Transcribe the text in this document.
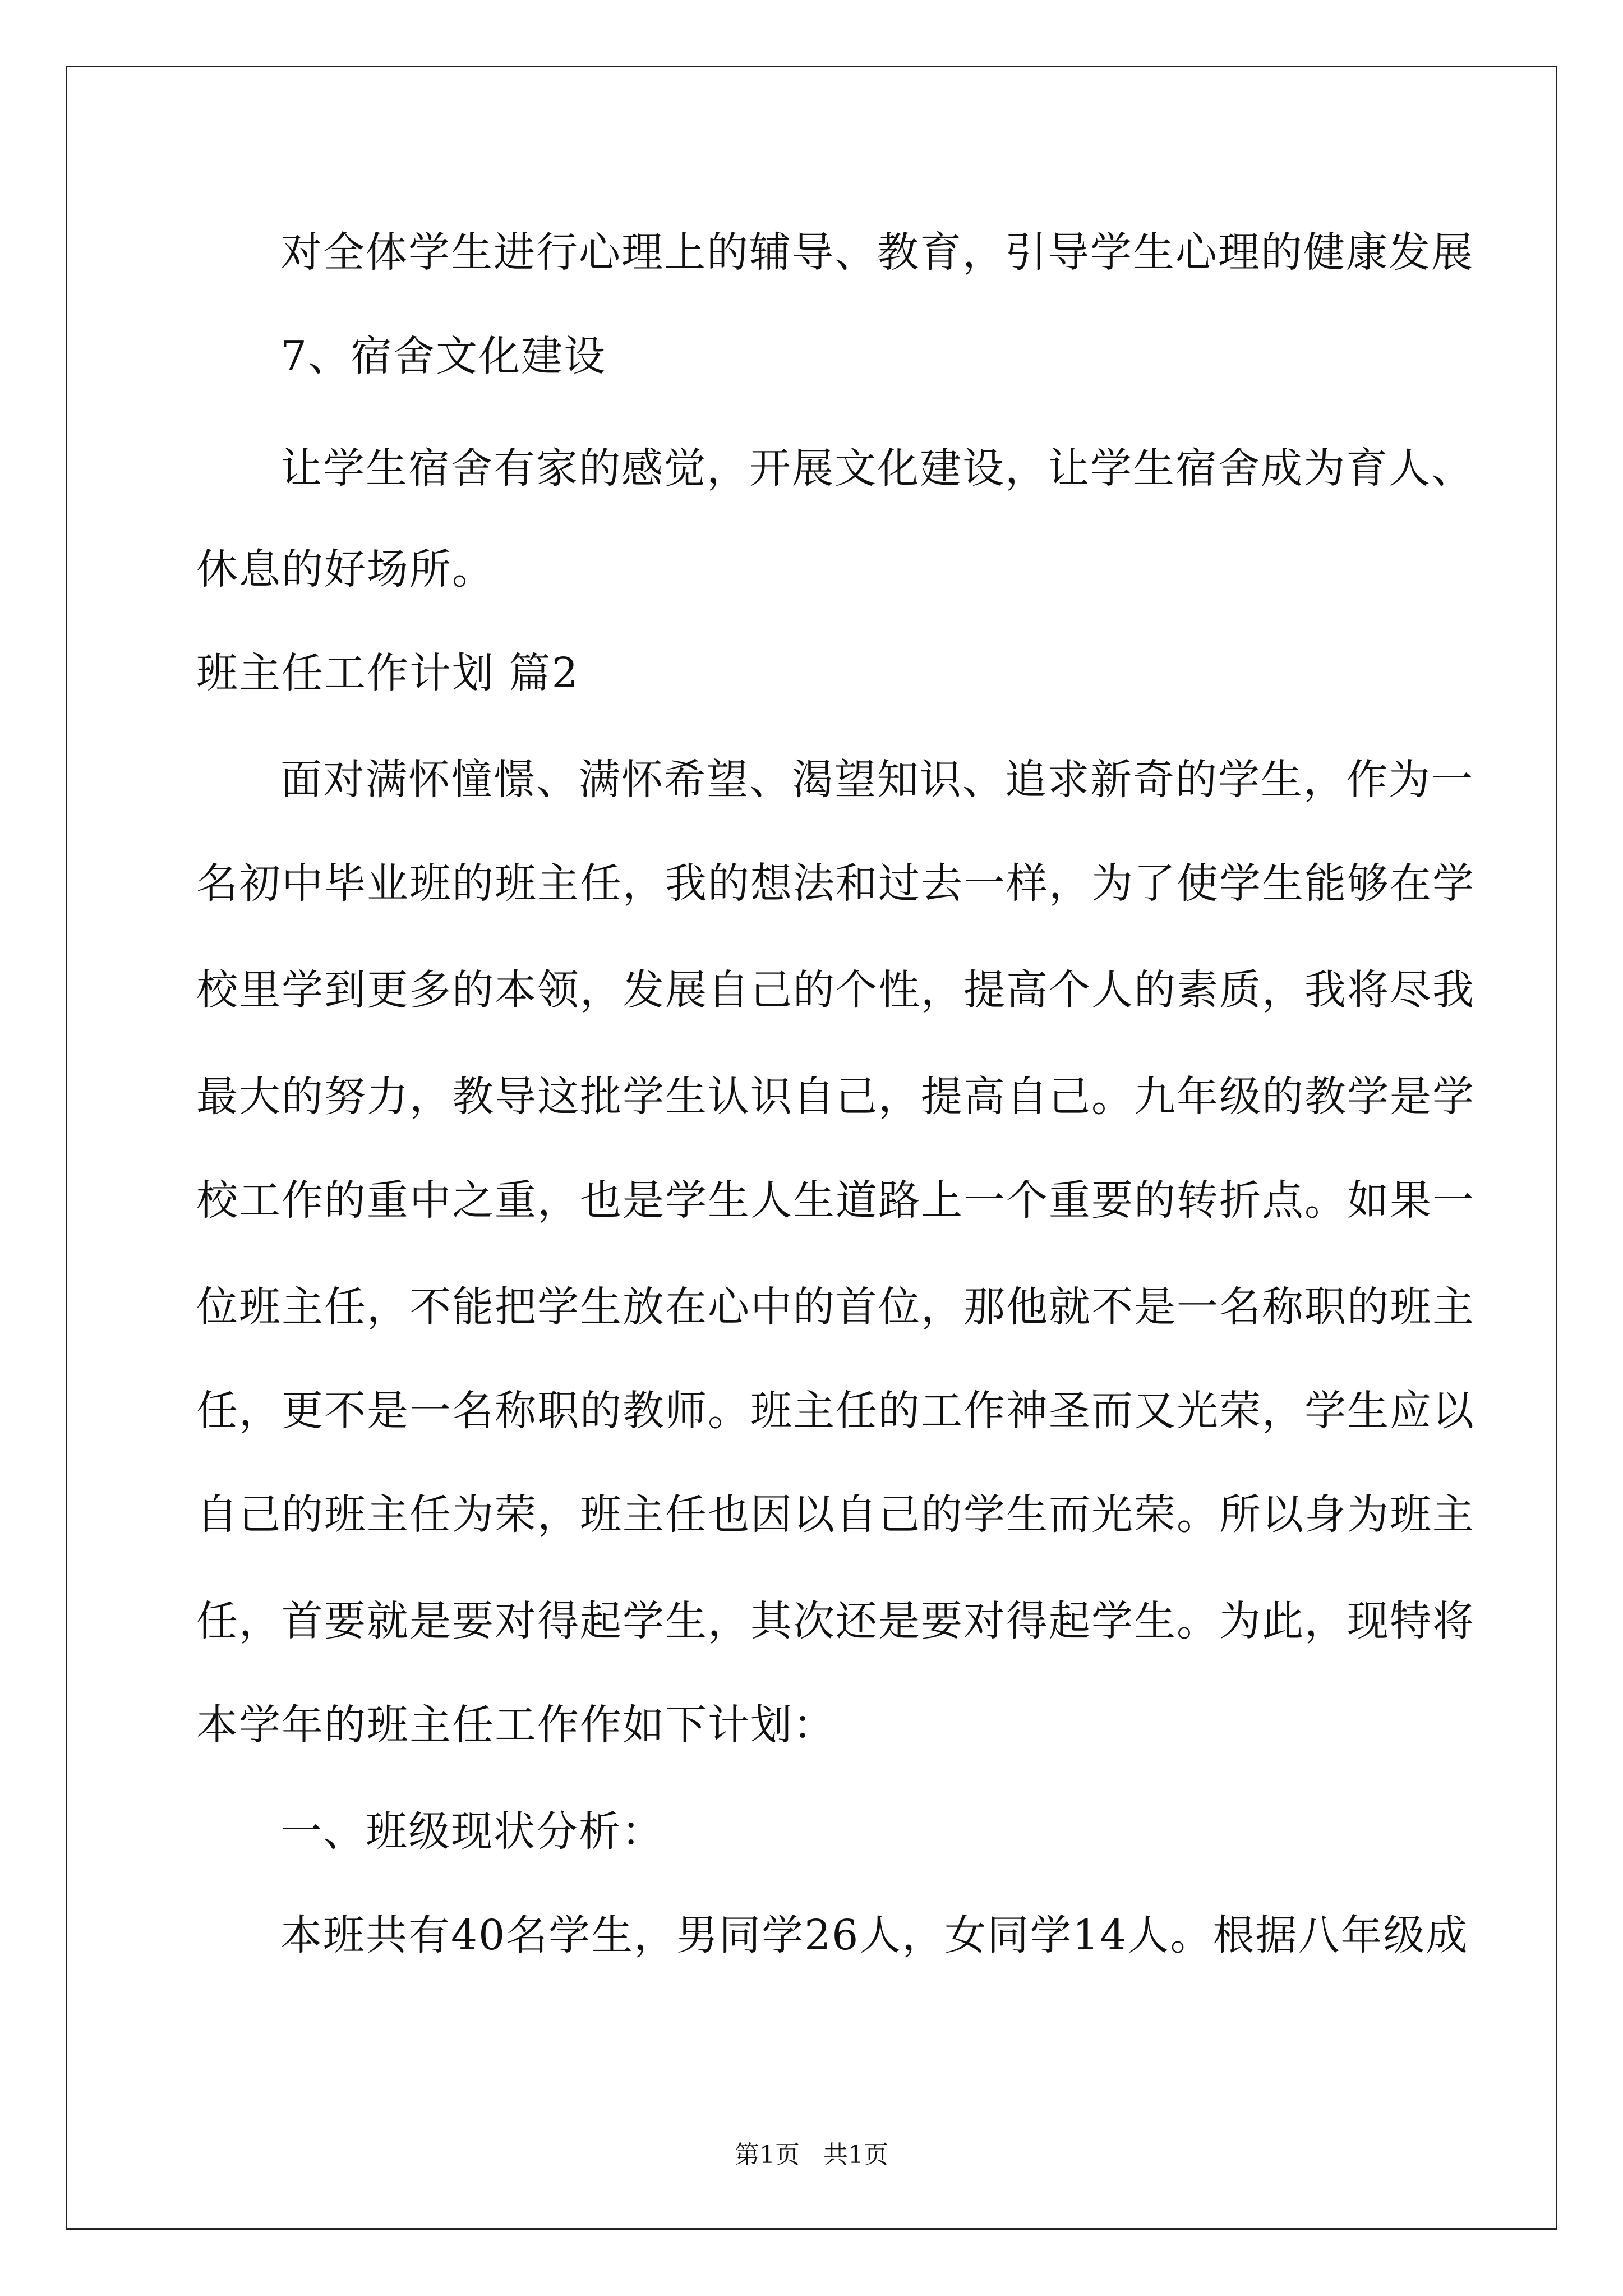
对全体学生进行心理上的辅导、教育，引导学生心理的健康发展
7、宿舍文化建设
让学生宿舍有家的感觉，开展文化建设，让学生宿舍成为育人、
休息的好场所。
班主任工作计划 篇2
面对满怀憧憬、满怀希望、渴望知识、追求新奇的学生，作为一
名初中毕业班的班主任，我的想法和过去一样，为了使学生能够在学
校里学到更多的本领，发展自己的个性，提高个人的素质，我将尽我
最大的努力，教导这批学生认识自己，提高自己。九年级的教学是学
校工作的重中之重，也是学生人生道路上一个重要的转折点。如果一
位班主任，不能把学生放在心中的首位，那他就不是一名称职的班主
任，更不是一名称职的教师。班主任的工作神圣而又光荣，学生应以
自己的班主任为荣，班主任也因以自己的学生而光荣。所以身为班主
任，首要就是要对得起学生，其次还是要对得起学生。为此，现特将
本学年的班主任工作作如下计划：
一、班级现状分析：
本班共有40名学生，男同学26人，女同学14人。根据八年级成
第1页   共1页
